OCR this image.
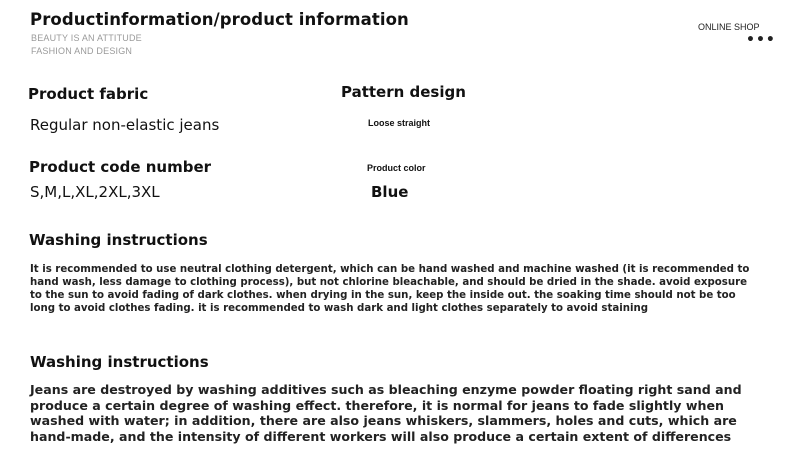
Productinformation/product information
BEAUTY IS AN ATTITUDE
FASHION AND DESIGN
ONLINE SHOP
•••
Product fabric
Regular non-elastic jeans
Pattern design
Loose straight
Product code number
S,M,L,XL,2XL,3XL
Product color
Blue
Washing instructions
It is recommended to use neutral clothing detergent, which can be hand washed and machine washed (it is recommended to hand wash, less damage to clothing process), but not chlorine bleachable, and should be dried in the shade. avoid exposure to the sun to avoid fading of dark clothes. when drying in the sun, keep the inside out. the soaking time should not be too long to avoid clothes fading. it is recommended to wash dark and light clothes separately to avoid staining
Washing instructions
Jeans are destroyed by washing additives such as bleaching enzyme powder floating right sand and produce a certain degree of washing effect. therefore, it is normal for jeans to fade slightly when washed with water; in addition, there are also jeans whiskers, slammers, holes and cuts, which are hand-made, and the intensity of different workers will also produce a certain extent of differences
